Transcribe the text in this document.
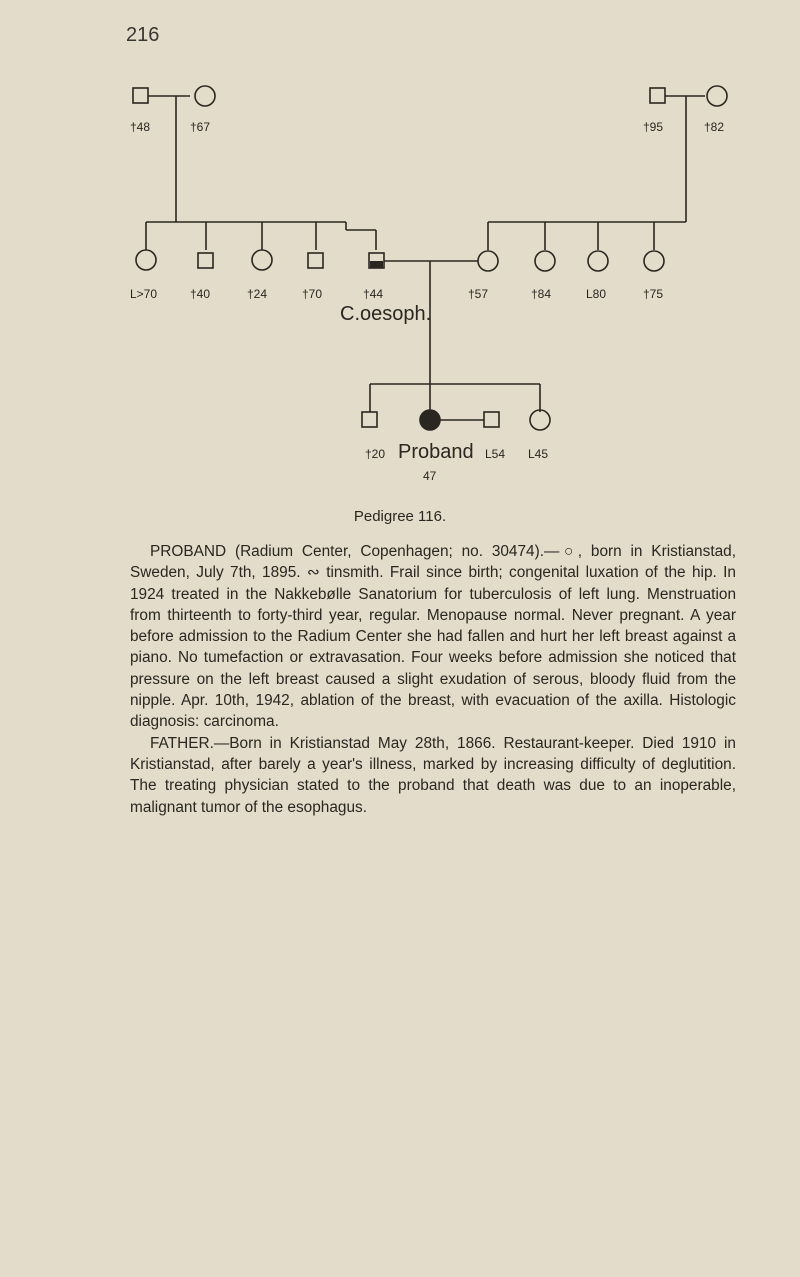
216
†48	†67	†95	†82
L>70	†40	†24	†70	†44
C.oesoph.
†57	†84	L80	†75
†20 Proband
47
L54 L45
Pedigree 116.

PROBAND (Radium Center, Copenhagen; no. 30474).—○, born in Kristianstad, Sweden, July 7th, 1895. ∾ tinsmith. Frail since birth; congenital luxation of the hip. In 1924 treated in the Nakkebølle Sanatorium for tuberculosis of left lung. Menstruation from thirteenth to forty-third year, regular. Menopause normal. Never pregnant. A year before admission to the Radium Center she had fallen and hurt her left breast against a piano. No tumefaction or extravasation. Four weeks before admission she noticed that pressure on the left breast caused a slight exudation of serous, bloody fluid from the nipple. Apr. 10th, 1942, ablation of the breast, with evacuation of the axilla. Histologic diagnosis: carcinoma.

FATHER.—Born in Kristianstad May 28th, 1866. Restaurant-keeper. Died 1910 in Kristianstad, after barely a year's illness, marked by increasing difficulty of deglutition. The treating physician stated to the proband that death was due to an inoperable, malignant tumor of the esophagus.
